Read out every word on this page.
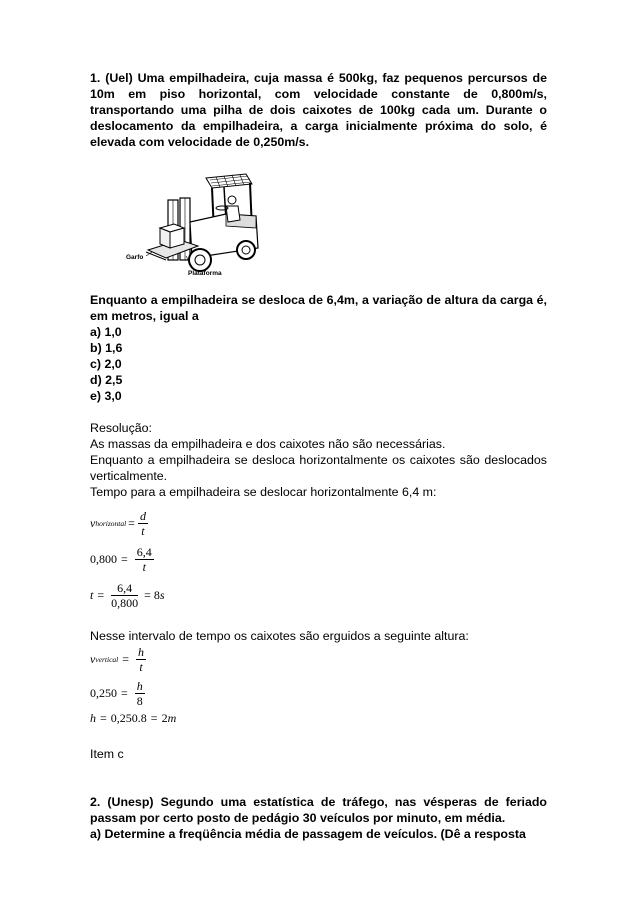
1. (Uel) Uma empilhadeira, cuja massa é 500kg, faz pequenos percursos de 10m em piso horizontal, com velocidade constante de 0,800m/s, transportando uma pilha de dois caixotes de 100kg cada um. Durante o deslocamento da empilhadeira, a carga inicialmente próxima do solo, é elevada com velocidade de 0,250m/s.

Garfo
Plataforma

Enquanto a empilhadeira se desloca de 6,4m, a variação de altura da carga é, em metros, igual a

a) 1,0

b) 1,6

c) 2,0

d) 2,5

e) 3,0

Resolução:

As massas da empilhadeira e dos caixotes não são necessárias.

Enquanto a empilhadeira se desloca horizontalmente os caixotes são deslocados verticalmente.

Tempo para a empilhadeira se deslocar horizontalmente 6,4 m:

v horizontal = $\frac{d}{t}$
$0,800 = \frac{6,4}{t}$
$t = \frac{6,4}{0,800} = 8$ s

Nesse intervalo de tempo os caixotes são erguidos a seguinte altura:

v vertical = $\frac{h}{t}$
$0,250 = \frac{h}{8}$
h = 0,250.8 = 2 m

Item c

2. (Unesp) Segundo uma estatística de tráfego, nas vésperas de feriado passam por certo posto de pedágio 30 veículos por minuto, em média.

a) Determine a freqüência média de passagem de veículos. (Dê a resposta
